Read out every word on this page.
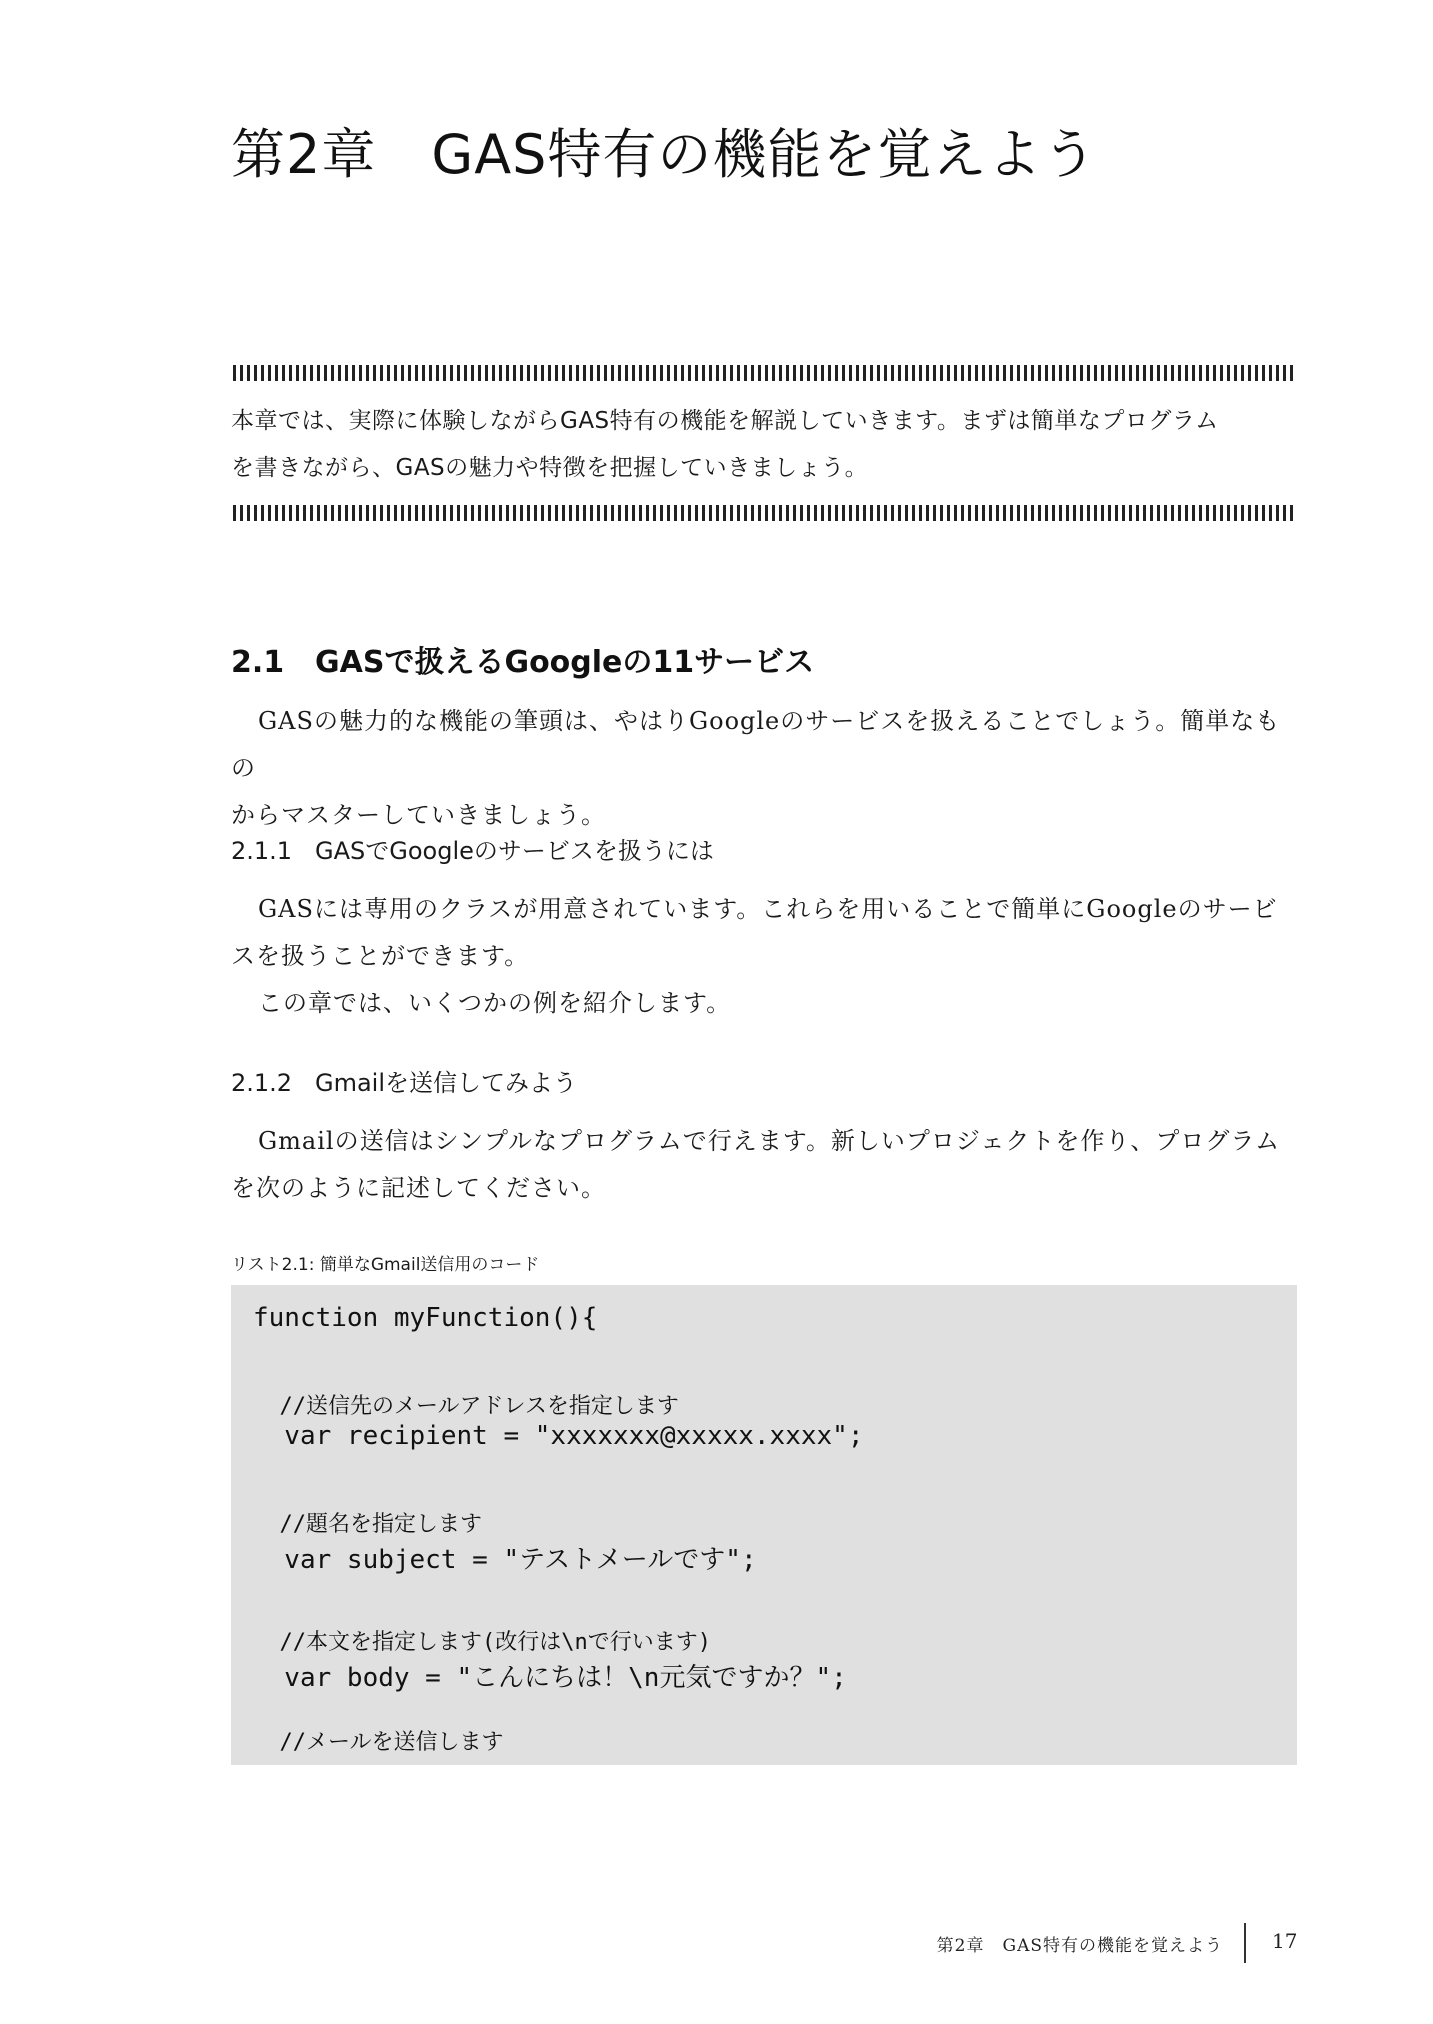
第2章　GAS特有の機能を覚えよう
本章では、実際に体験しながらGAS特有の機能を解説していきます。まずは簡単なプログラム
を書きながら、GASの魅力や特徴を把握していきましょう。
2.1 GASで扱えるGoogleの11サービス

GASの魅力的な機能の筆頭は、やはりGoogleのサービスを扱えることでしょう。簡単なもの

からマスターしていきましょう。
2.1.1 GASでGoogleのサービスを扱うには

GASには専用のクラスが用意されています。これらを用いることで簡単にGoogleのサービ

スを扱うことができます。

この章では、いくつかの例を紹介します。

2.1.2 Gmailを送信してみよう

Gmailの送信はシンプルなプログラムで行えます。新しいプロジェクトを作り、プログラム

を次のように記述してください。
リスト2.1: 簡単なGmail送信用のコード
function myFunction(){
//送信先のメールアドレスを指定します
var recipient = "xxxxxxx@xxxxx.xxxx";
//題名を指定します
var subject = "テストメールです";
//本文を指定します(改行は\nで行います)
var body = "こんにちは！\n元気ですか？";
//メールを送信します
第2章　GAS特有の機能を覚えよう 17
